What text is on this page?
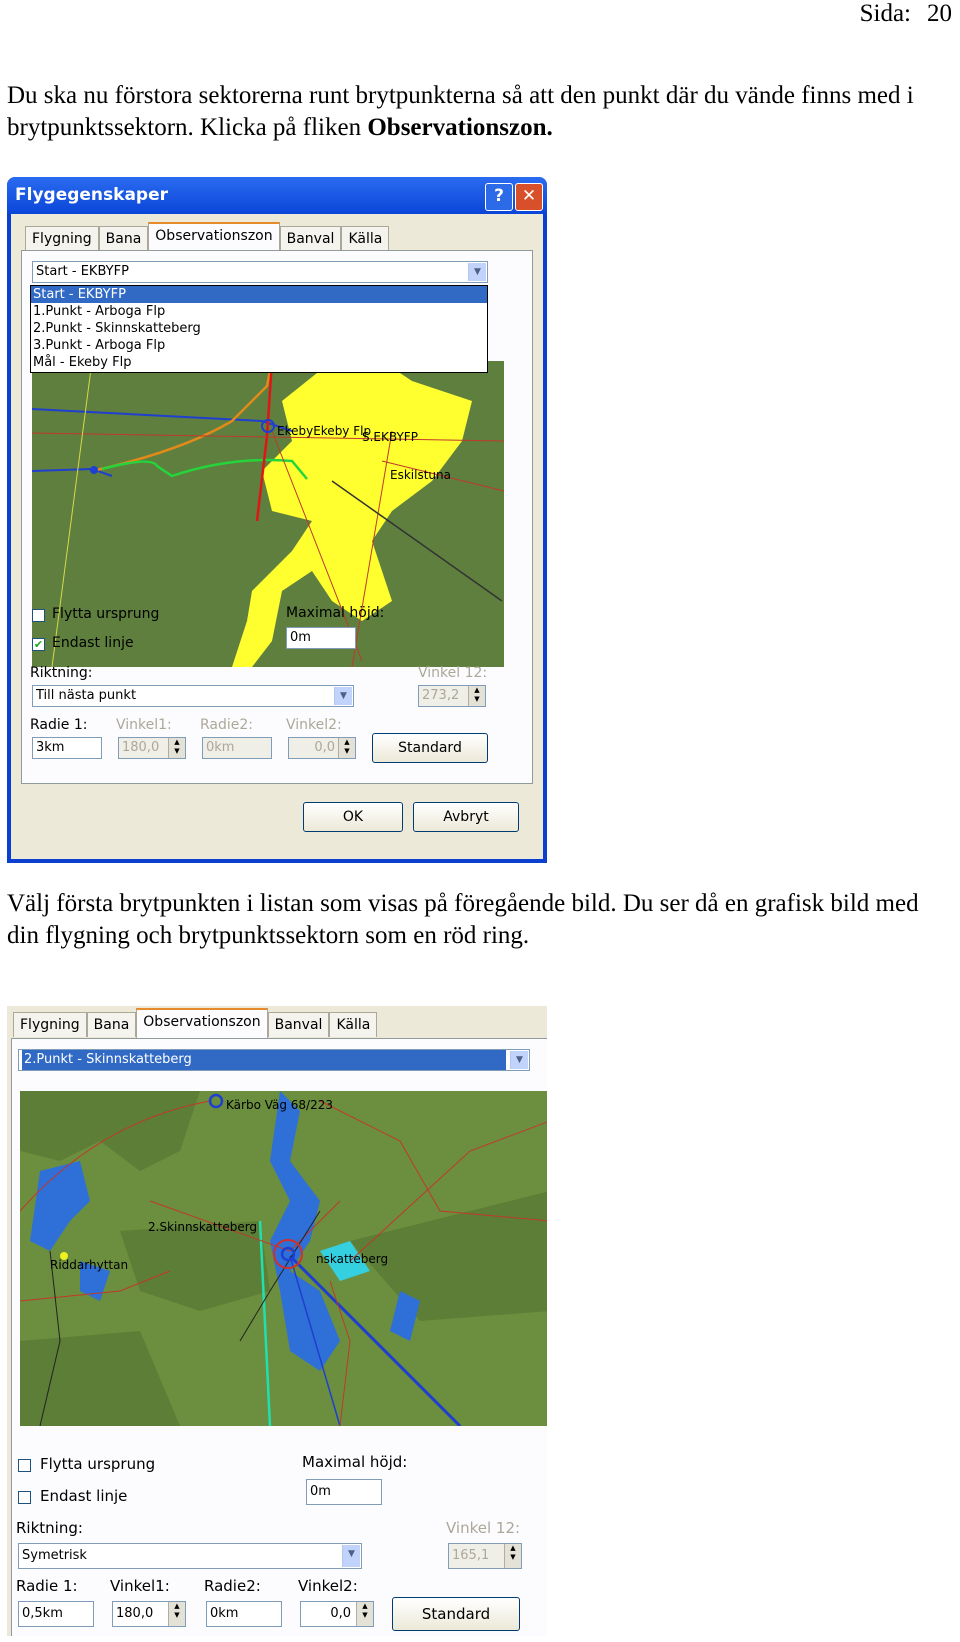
Sida: 20

Du ska nu förstora sektorerna runt brytpunkterna så att den punkt där du vände finns med i brytpunktssektorn. Klicka på fliken Observationszon.

Flygegenskaper	?	✕
Flygning	Bana	Observationszon	Banval	Källa
Start - EKBYFP	▼
EkebyEkeby Flp
S.EKBYFP
Eskilstuna
Start - EKBYFP
1.Punkt - Arboga Flp
2.Punkt - Skinnskatteberg
3.Punkt - Arboga Flp
Mål - Ekeby Flp
Flytta ursprung
✔ Endast linje
Maximal höjd:
0m
Riktning:
Till nästa punkt	▼
Vinkel 12:
273,2	▲
▼
Radie 1:
3km
Vinkel1:
180,0	▲
▼
Radie2:
0km
Vinkel2:
0,0	▲
▼	Standard
OK	Avbryt

Välj första brytpunkten i listan som visas på föregående bild. Du ser då en grafisk bild med din flygning och brytpunktssektorn som en röd ring.

Flygning	Bana	Observationszon	Banval	Källa
2.Punkt - Skinnskatteberg	▼
Kärbo Väg 68/223
2.Skinnskatteberg
Riddarhyttan	nskatteberg
Flytta ursprung
Endast linje
Maximal höjd:
0m
Riktning:
Symetrisk	▼
Vinkel 12:
165,1	▲
▼
Radie 1:
0,5km
Vinkel1:
180,0	▲
▼
Radie2:
0km
Vinkel2:
0,0	▲
▼	Standard
